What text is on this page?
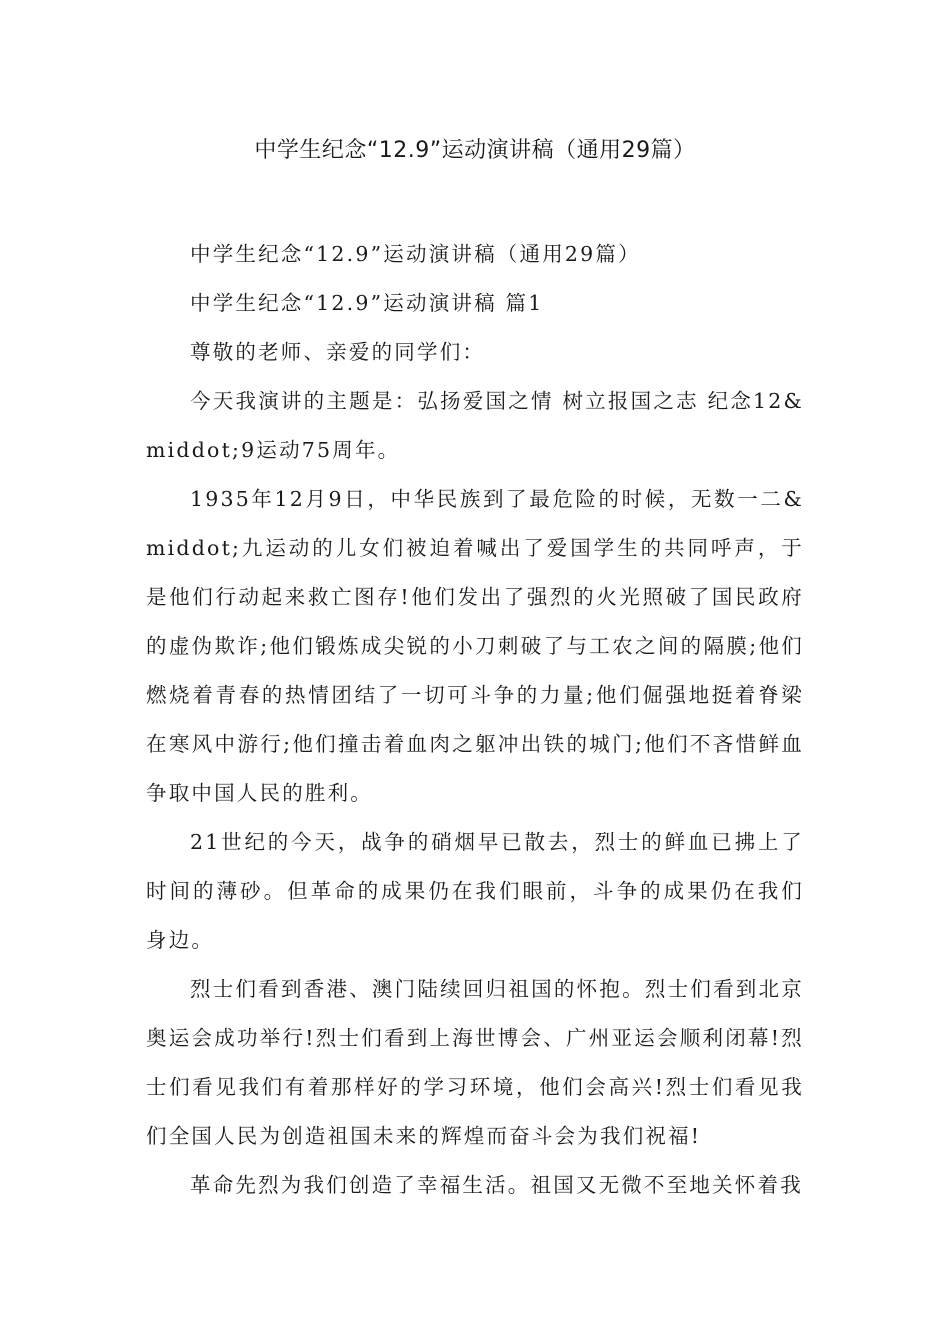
中学生纪念“12.9”运动演讲稿（通用29篇）

中学生纪念“12.9”运动演讲稿（通用29篇）

中学生纪念“12.9”运动演讲稿 篇1

尊敬的老师、亲爱的同学们：

今天我演讲的主题是：弘扬爱国之情 树立报国之志 纪念12&middot;9运动75周年。

1935年12月9日，中华民族到了最危险的时候，无数一二&middot;九运动的儿女们被迫着喊出了爱国学生的共同呼声，于是他们行动起来救亡图存!他们发出了强烈的火光照破了国民政府的虚伪欺诈;他们锻炼成尖锐的小刀刺破了与工农之间的隔膜;他们燃烧着青春的热情团结了一切可斗争的力量;他们倔强地挺着脊梁在寒风中游行;他们撞击着血肉之躯冲出铁的城门;他们不吝惜鲜血争取中国人民的胜利。

21世纪的今天，战争的硝烟早已散去，烈士的鲜血已拂上了时间的薄砂。但革命的成果仍在我们眼前，斗争的成果仍在我们身边。

烈士们看到香港、澳门陆续回归祖国的怀抱。烈士们看到北京奥运会成功举行!烈士们看到上海世博会、广州亚运会顺利闭幕!烈士们看见我们有着那样好的学习环境，他们会高兴!烈士们看见我们全国人民为创造祖国未来的辉煌而奋斗会为我们祝福!

革命先烈为我们创造了幸福生活。祖国又无微不至地关怀着我
